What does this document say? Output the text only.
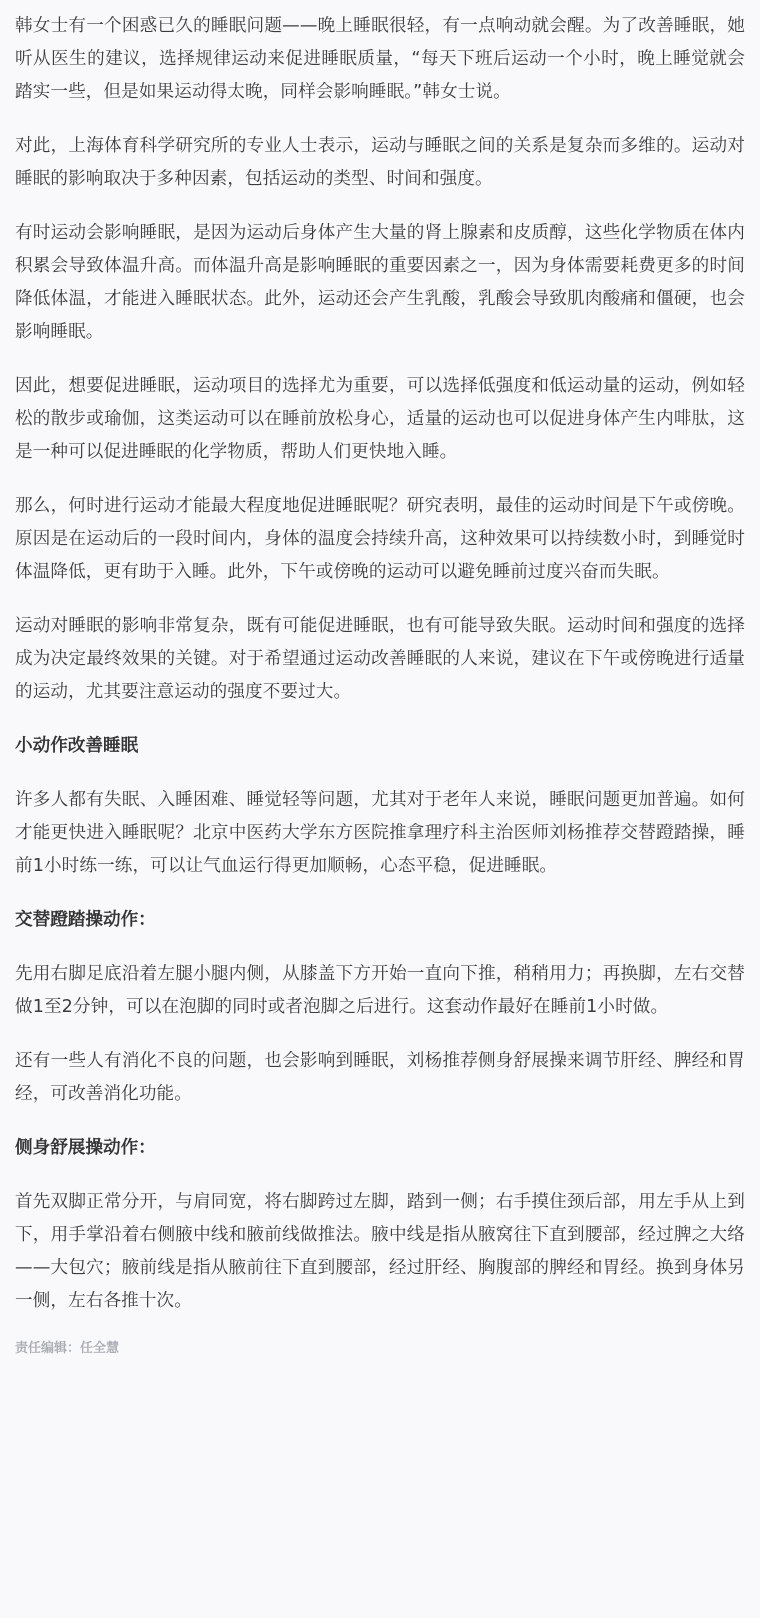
韩女士有一个困惑已久的睡眠问题——晚上睡眠很轻，有一点响动就会醒。为了改善睡眠，她听从医生的建议，选择规律运动来促进睡眠质量，“每天下班后运动一个小时，晚上睡觉就会踏实一些，但是如果运动得太晚，同样会影响睡眠。”韩女士说。

对此，上海体育科学研究所的专业人士表示，运动与睡眠之间的关系是复杂而多维的。运动对睡眠的影响取决于多种因素，包括运动的类型、时间和强度。

有时运动会影响睡眠，是因为运动后身体产生大量的肾上腺素和皮质醇，这些化学物质在体内积累会导致体温升高。而体温升高是影响睡眠的重要因素之一，因为身体需要耗费更多的时间降低体温，才能进入睡眠状态。此外，运动还会产生乳酸，乳酸会导致肌肉酸痛和僵硬，也会影响睡眠。

因此，想要促进睡眠，运动项目的选择尤为重要，可以选择低强度和低运动量的运动，例如轻松的散步或瑜伽，这类运动可以在睡前放松身心，适量的运动也可以促进身体产生内啡肽，这是一种可以促进睡眠的化学物质，帮助人们更快地入睡。

那么，何时进行运动才能最大程度地促进睡眠呢？研究表明，最佳的运动时间是下午或傍晚。原因是在运动后的一段时间内，身体的温度会持续升高，这种效果可以持续数小时，到睡觉时体温降低，更有助于入睡。此外，下午或傍晚的运动可以避免睡前过度兴奋而失眠。

运动对睡眠的影响非常复杂，既有可能促进睡眠，也有可能导致失眠。运动时间和强度的选择成为决定最终效果的关键。对于希望通过运动改善睡眠的人来说，建议在下午或傍晚进行适量的运动，尤其要注意运动的强度不要过大。

小动作改善睡眠

许多人都有失眠、入睡困难、睡觉轻等问题，尤其对于老年人来说，睡眠问题更加普遍。如何才能更快进入睡眠呢？北京中医药大学东方医院推拿理疗科主治医师刘杨推荐交替蹬踏操，睡前1小时练一练，可以让气血运行得更加顺畅，心态平稳，促进睡眠。

交替蹬踏操动作：

先用右脚足底沿着左腿小腿内侧，从膝盖下方开始一直向下推，稍稍用力；再换脚，左右交替做1至2分钟，可以在泡脚的同时或者泡脚之后进行。这套动作最好在睡前1小时做。

还有一些人有消化不良的问题，也会影响到睡眠，刘杨推荐侧身舒展操来调节肝经、脾经和胃经，可改善消化功能。

侧身舒展操动作：

首先双脚正常分开，与肩同宽，将右脚跨过左脚，踏到一侧；右手摸住颈后部，用左手从上到下，用手掌沿着右侧腋中线和腋前线做推法。腋中线是指从腋窝往下直到腰部，经过脾之大络——大包穴；腋前线是指从腋前往下直到腰部，经过肝经、胸腹部的脾经和胃经。换到身体另一侧，左右各推十次。

责任编辑：任全慧
